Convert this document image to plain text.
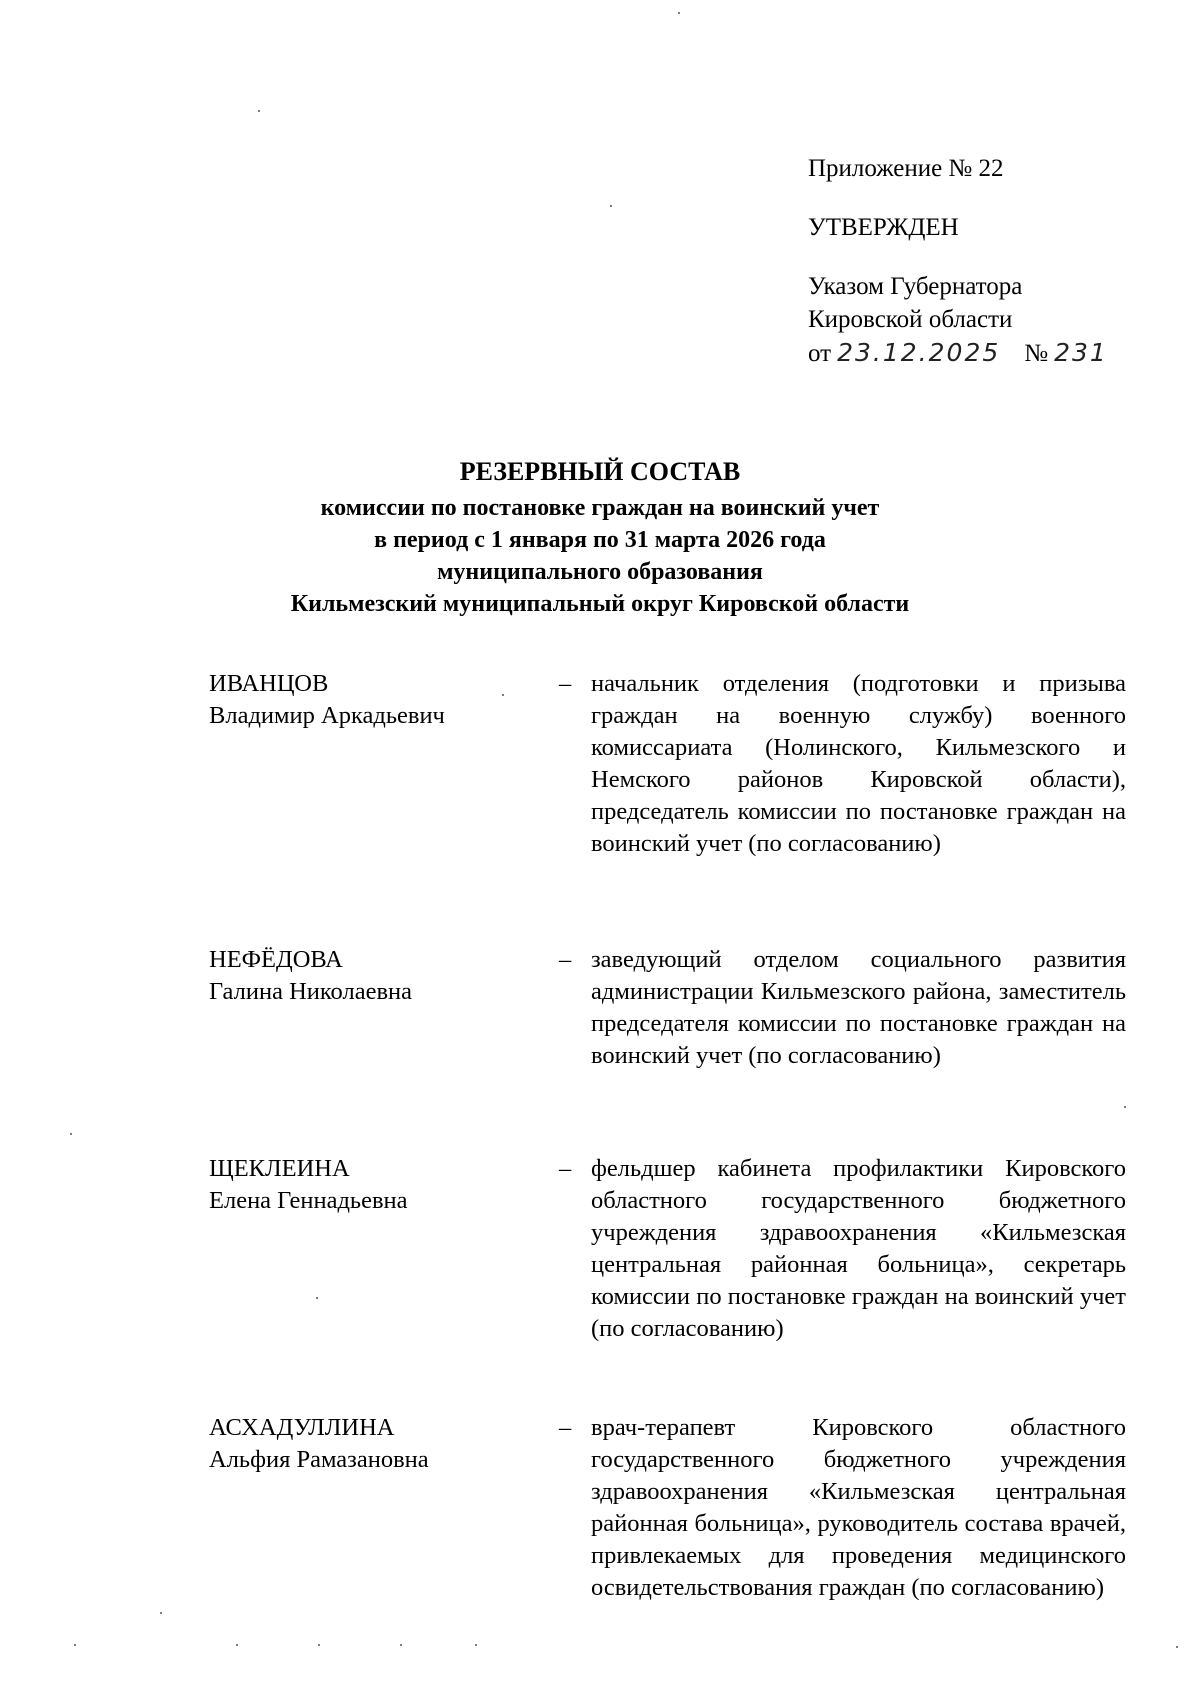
Приложение № 22

УТВЕРЖДЕН

Указом Губернатора

Кировской области

от 23.12.2025 № 231
РЕЗЕРВНЫЙ СОСТАВ
комиссии по постановке граждан на воинский учет
в период с 1 января по 31 марта 2026 года
муниципального образования
Кильмезский муниципальный округ Кировской области
ИВАНЦОВ
Владимир Аркадьевич
– начальник отделения (подготовки и призыва граждан на военную службу) военного комиссариата (Нолинского, Кильмезского и Немского районов Кировской области), председатель комиссии по постановке граждан на воинский учет (по согласованию)
НЕФЁДОВА
Галина Николаевна
– заведующий отделом социального развития администрации Кильмезского района, заместитель председателя комиссии по постановке граждан на воинский учет (по согласованию)
ЩЕКЛЕИНА
Елена Геннадьевна
– фельдшер кабинета профилактики Кировского областного государственного бюджетного учреждения здравоохранения «Кильмезская центральная районная больница», секретарь комиссии по постановке граждан на воинский учет (по согласованию)
АСХАДУЛЛИНА
Альфия Рамазановна
– врач-терапевт Кировского областного государственного бюджетного учреждения здравоохранения «Кильмезская центральная районная больница», руководитель состава врачей, привлекаемых для проведения медицинского освидетельствования граждан (по согласованию)
